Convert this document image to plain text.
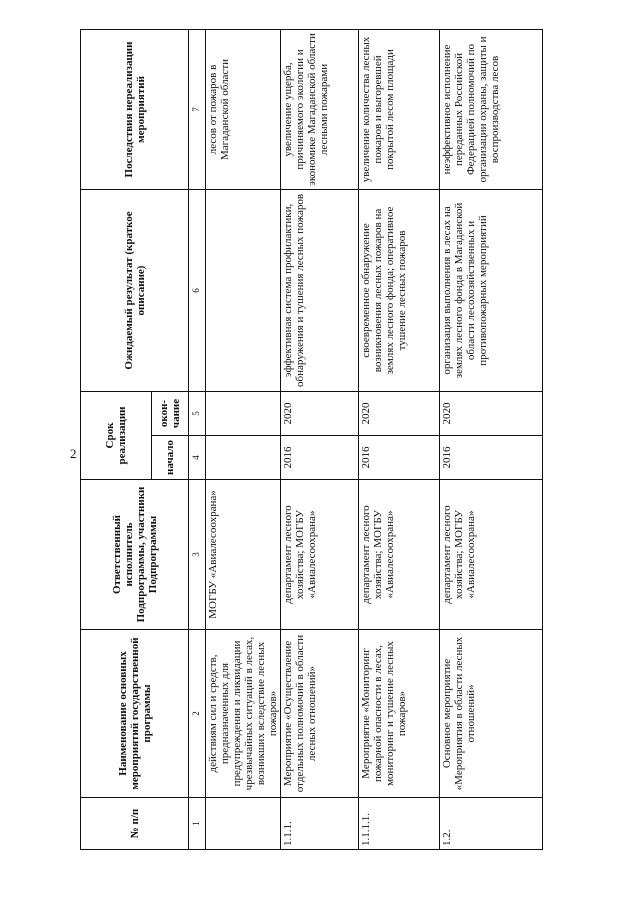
2
№ п/п	Наименование основных мероприятий государственной программы	Ответственный исполнитель Подпрограммы, участники Подпрограммы	Срок реализации		Ожидаемый результат (краткое описание)	Последствия нереализации мероприятий
			начало	окон-чание		
1	2	3	4	5	6	7
	действиям сил и средств, предназначенных для предупреждения и ликвидации чрезвычайных ситуаций в лесах, возникших вследствие лесных пожаров»	МОГБУ «Авиалесоохрана»				лесов от пожаров в Магаданской области
1.1.1.	Мероприятие «Осуществление отдельных полномочий в области лесных отношений»	департамент лесного хозяйства; МОГБУ «Авиалесоохрана»	2016	2020	эффективная система профилактики, обнаружения и тушения лесных пожаров	увеличение ущерба, причиняемого экологии и экономике Магаданской области лесными пожарами
1.1.1.1.	Мероприятие «Мониторинг пожарной опасности в лесах, мониторинг и тушение лесных пожаров»	департамент лесного хозяйства; МОГБУ «Авиалесоохрана»	2016	2020	своевременное обнаружение возникновения лесных пожаров на землях лесного фонда; оперативное тушение лесных пожаров	увеличение количества лесных пожаров и выгоревшей покрытой лесом площади
1.2.	Основное мероприятие «Мероприятия в области лесных отношений»	департамент лесного хозяйства; МОГБУ «Авиалесоохрана»	2016	2020	организация выполнения в лесах на землях лесного фонда в Магаданской области лесохозяйственных и противопожарных мероприятий	неэффективное исполнение переданных Российской Федерацией полномочий по организации охраны, защиты и воспроизводства лесов
